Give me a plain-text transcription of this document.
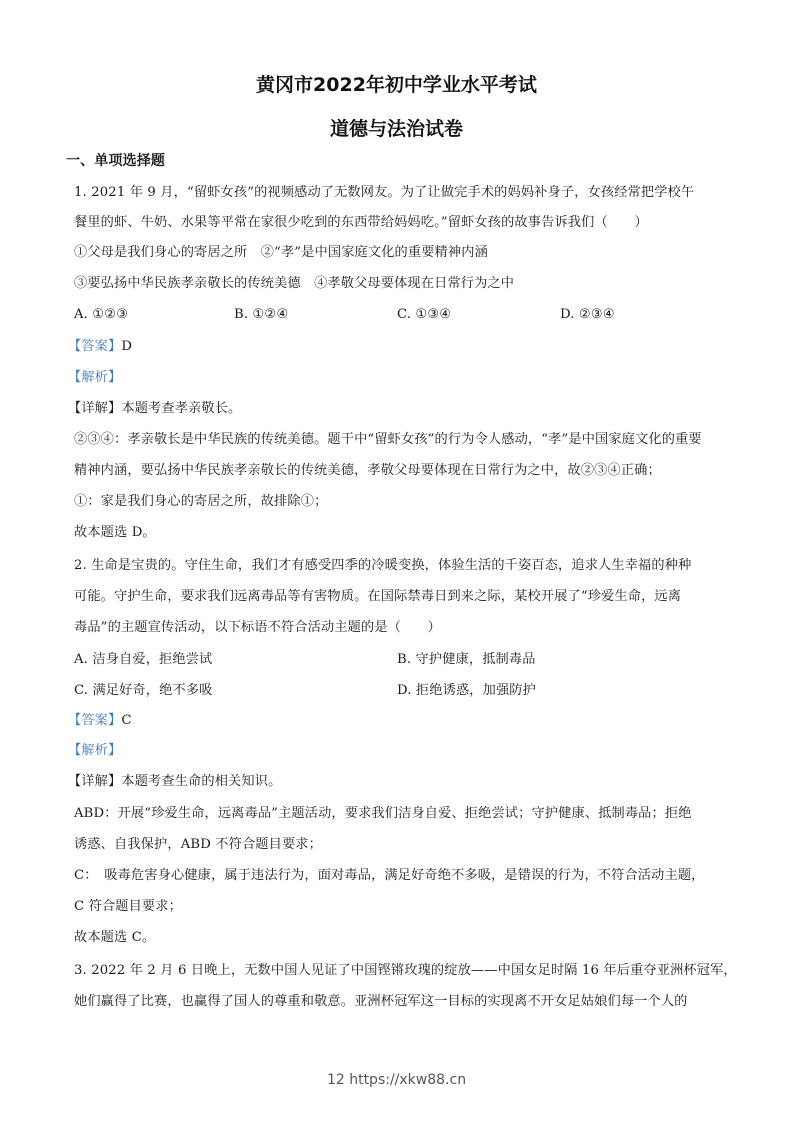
黄冈市2022年初中学业水平考试
道德与法治试卷
一、单项选择题
1. 2021 年 9 月，“留虾女孩”的视频感动了无数网友。为了让做完手术的妈妈补身子，女孩经常把学校午
餐里的虾、牛奶、水果等平常在家很少吃到的东西带给妈妈吃。”留虾女孩的故事告诉我们（　　）
①父母是我们身心的寄居之所　②“孝”是中国家庭文化的重要精神内涵
③要弘扬中华民族孝亲敬长的传统美德　④孝敬父母要体现在日常行为之中
A. ①②③	B. ①②④	C. ①③④	D. ②③④
【答案】D
【解析】
【详解】本题考查孝亲敬长。
②③④：孝亲敬长是中华民族的传统美德。题干中“留虾女孩”的行为令人感动，“孝”是中国家庭文化的重要
精神内涵，要弘扬中华民族孝亲敬长的传统美德，孝敬父母要体现在日常行为之中，故②③④正确；
①：家是我们身心的寄居之所，故排除①；
故本题选 D。
2. 生命是宝贵的。守住生命，我们才有感受四季的冷暖变换，体验生活的千姿百态，追求人生幸福的种种
可能。守护生命，要求我们远离毒品等有害物质。在国际禁毒日到来之际，某校开展了“珍爱生命，远离
毒品”的主题宣传活动，以下标语不符合活动主题的是（　　）
A. 洁身自爱，拒绝尝试	B. 守护健康，抵制毒品
C. 满足好奇，绝不多吸	D. 拒绝诱惑，加强防护
【答案】C
【解析】
【详解】本题考查生命的相关知识。
ABD：开展“珍爱生命，远离毒品”主题活动，要求我们洁身自爱、拒绝尝试；守护健康、抵制毒品；拒绝
诱惑、自我保护，ABD 不符合题目要求；
C：　吸毒危害身心健康，属于违法行为，面对毒品，满足好奇绝不多吸，是错误的行为，不符合活动主题，
C 符合题目要求；
故本题选 C。
3. 2022 年 2 月 6 日晚上，无数中国人见证了中国铿锵玫瑰的绽放——中国女足时隔 16 年后重夺亚洲杯冠军，
她们赢得了比赛，也赢得了国人的尊重和敬意。亚洲杯冠军这一目标的实现离不开女足姑娘们每一个人的
12 https://xkw88.cn
